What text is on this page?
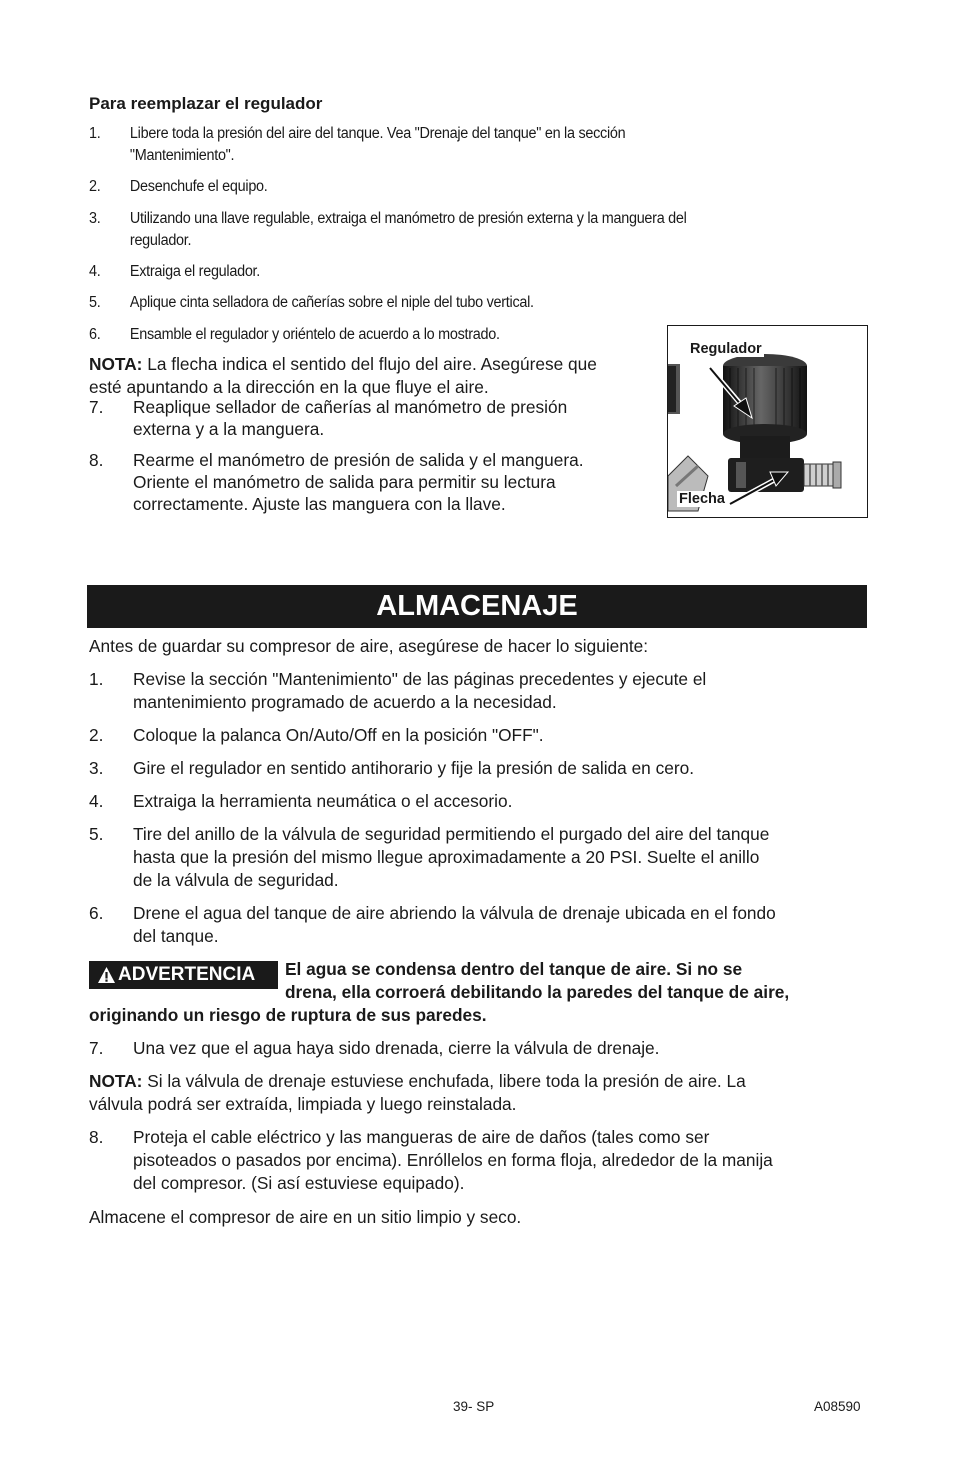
Para reemplazar el regulador
1. Libere toda la presión del aire del tanque. Vea "Drenaje del tanque" en la sección
"Mantenimiento".
2. Desenchufe el equipo.
3. Utilizando una llave regulable, extraiga el manómetro de presión externa y la manguera del
regulador.
4. Extraiga el regulador.
5. Aplique cinta selladora de cañerías sobre el niple del tubo vertical.
6. Ensamble el regulador y oriéntelo de acuerdo a lo mostrado.
NOTA: La flecha indica el sentido del flujo del aire. Asegúrese que
esté apuntando a la dirección en la que fluye el aire.
7. Reaplique sellador de cañerías al manómetro de presión
externa y a la manguera.
8. Rearme el manómetro de presión de salida y el manguera.
Oriente el manómetro de salida para permitir su lectura
correctamente. Ajuste las manguera con la llave.
Regulador
Flecha
ALMACENAJE
Antes de guardar su compresor de aire, asegúrese de hacer lo siguiente:
1. Revise la sección "Mantenimiento" de las páginas precedentes y ejecute el
mantenimiento programado de acuerdo a la necesidad.
2. Coloque la palanca On/Auto/Off en la posición "OFF".
3. Gire el regulador en sentido antihorario y fije la presión de salida en cero.
4. Extraiga la herramienta neumática o el accesorio.
5. Tire del anillo de la válvula de seguridad permitiendo el purgado del aire del tanque
hasta que la presión del mismo llegue aproximadamente a 20 PSI. Suelte el anillo
de la válvula de seguridad.
6. Drene el agua del tanque de aire abriendo la válvula de drenaje ubicada en el fondo
del tanque.
ADVERTENCIA El agua se condensa dentro del tanque de aire. Si no se
drena, ella corroerá debilitando la paredes del tanque de aire,
originando un riesgo de ruptura de sus paredes.
7. Una vez que el agua haya sido drenada, cierre la válvula de drenaje.
NOTA: Si la válvula de drenaje estuviese enchufada, libere toda la presión de aire. La
válvula podrá ser extraída, limpiada y luego reinstalada.
8. Proteja el cable eléctrico y las mangueras de aire de daños (tales como ser
pisoteados o pasados por encima). Enróllelos en forma floja, alrededor de la manija
del compresor. (Si así estuviese equipado).
Almacene el compresor de aire en un sitio limpio y seco.
39- SP	A08590
